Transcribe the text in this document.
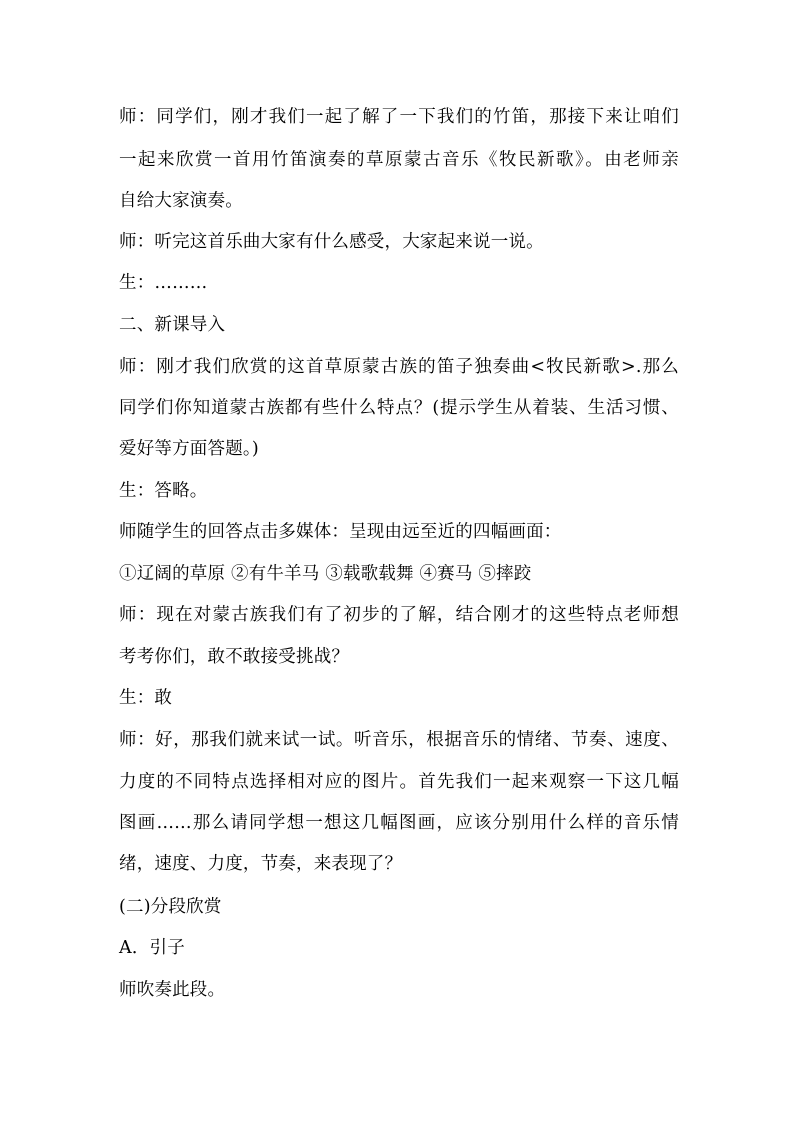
师：同学们，刚才我们一起了解了一下我们的竹笛，那接下来让咱们
一起来欣赏一首用竹笛演奏的草原蒙古音乐《牧民新歌》。由老师亲
自给大家演奏。
师：听完这首乐曲大家有什么感受，大家起来说一说。
生：………
二、新课导入
师：刚才我们欣赏的这首草原蒙古族的笛子独奏曲<牧民新歌>.那么
同学们你知道蒙古族都有些什么特点？(提示学生从着装、生活习惯、
爱好等方面答题。)
生：答略。
师随学生的回答点击多媒体：呈现由远至近的四幅画面：
①辽阔的草原 ②有牛羊马 ③载歌载舞 ④赛马 ⑤摔跤
师：现在对蒙古族我们有了初步的了解，结合刚才的这些特点老师想
考考你们，敢不敢接受挑战？
生：敢
师：好，那我们就来试一试。听音乐，根据音乐的情绪、节奏、速度、
力度的不同特点选择相对应的图片。首先我们一起来观察一下这几幅
图画……那么请同学想一想这几幅图画，应该分别用什么样的音乐情
绪，速度、力度，节奏，来表现了？
(二)分段欣赏
A．引子
师吹奏此段。
